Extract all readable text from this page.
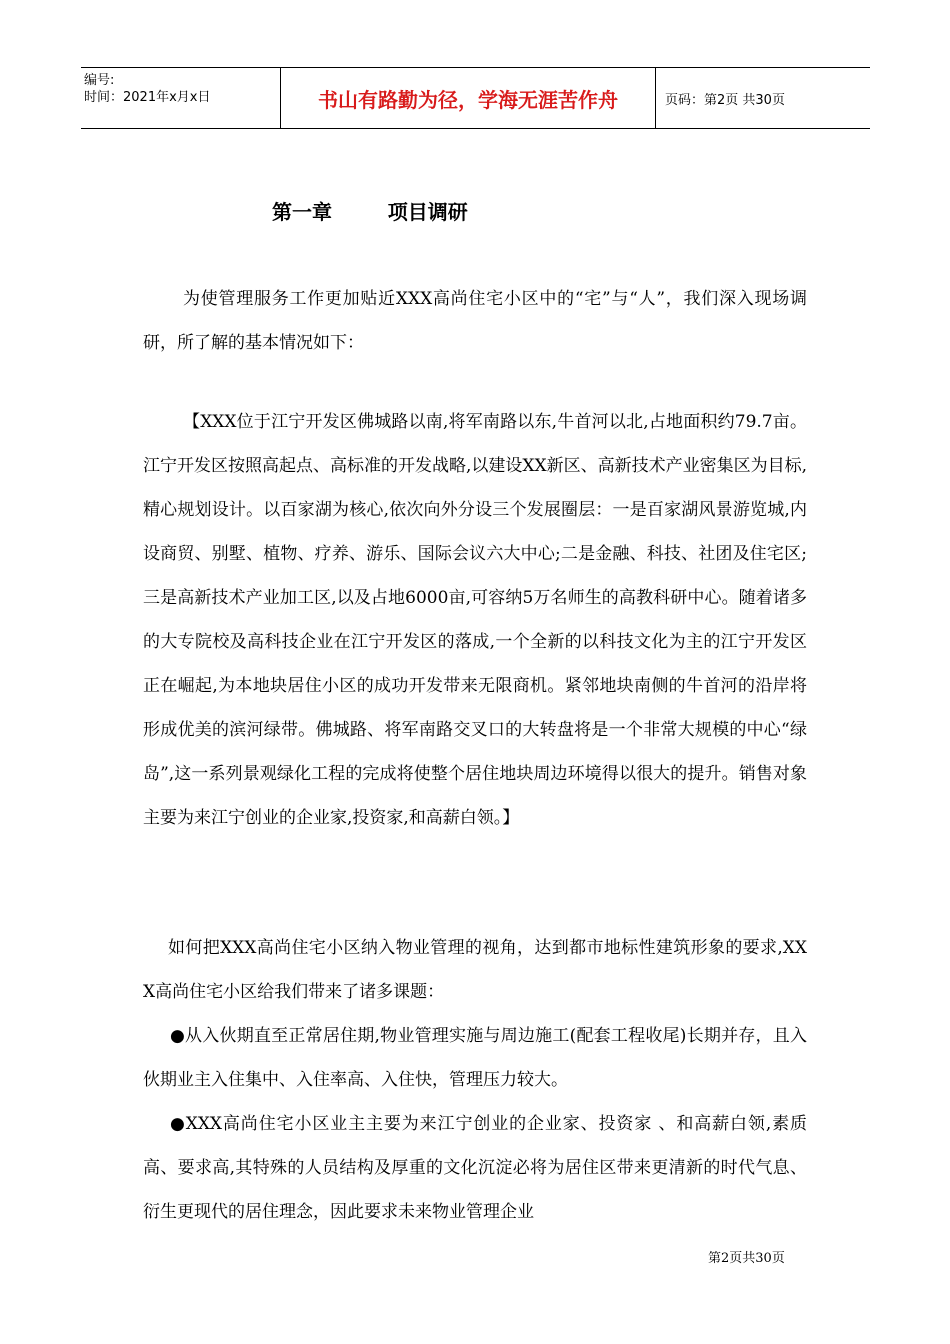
编号:
时间：2021年x月x日	书山有路勤为径，学海无涯苦作舟	页码：第2页 共30页
第一章        项目调研
为使管理服务工作更加贴近XXX高尚住宅小区中的“宅”与“人”，我们深入现场调研，所了解的基本情况如下：
【XXX位于江宁开发区佛城路以南,将军南路以东,牛首河以北,占地面积约79.7亩。江宁开发区按照高起点、高标准的开发战略,以建设XX新区、高新技术产业密集区为目标,精心规划设计。以百家湖为核心,依次向外分设三个发展圈层：一是百家湖风景游览城,内设商贸、别墅、植物、疗养、游乐、国际会议六大中心;二是金融、科技、社团及住宅区;三是高新技术产业加工区,以及占地6000亩,可容纳5万名师生的高教科研中心。随着诸多的大专院校及高科技企业在江宁开发区的落成,一个全新的以科技文化为主的江宁开发区正在崛起,为本地块居住小区的成功开发带来无限商机。紧邻地块南侧的牛首河的沿岸将形成优美的滨河绿带。佛城路、将军南路交叉口的大转盘将是一个非常大规模的中心“绿岛”,这一系列景观绿化工程的完成将使整个居住地块周边环境得以很大的提升。销售对象主要为来江宁创业的企业家,投资家,和高薪白领。】
如何把XXX高尚住宅小区纳入物业管理的视角，达到都市地标性建筑形象的要求,XXX高尚住宅小区给我们带来了诸多课题：
●从入伙期直至正常居住期,物业管理实施与周边施工(配套工程收尾)长期并存，且入伙期业主入住集中、入住率高、入住快，管理压力较大。
●XXX高尚住宅小区业主主要为来江宁创业的企业家、投资家 、和高薪白领,素质高、要求高,其特殊的人员结构及厚重的文化沉淀必将为居住区带来更清新的时代气息、衍生更现代的居住理念，因此要求未来物业管理企业
第2页共30页
